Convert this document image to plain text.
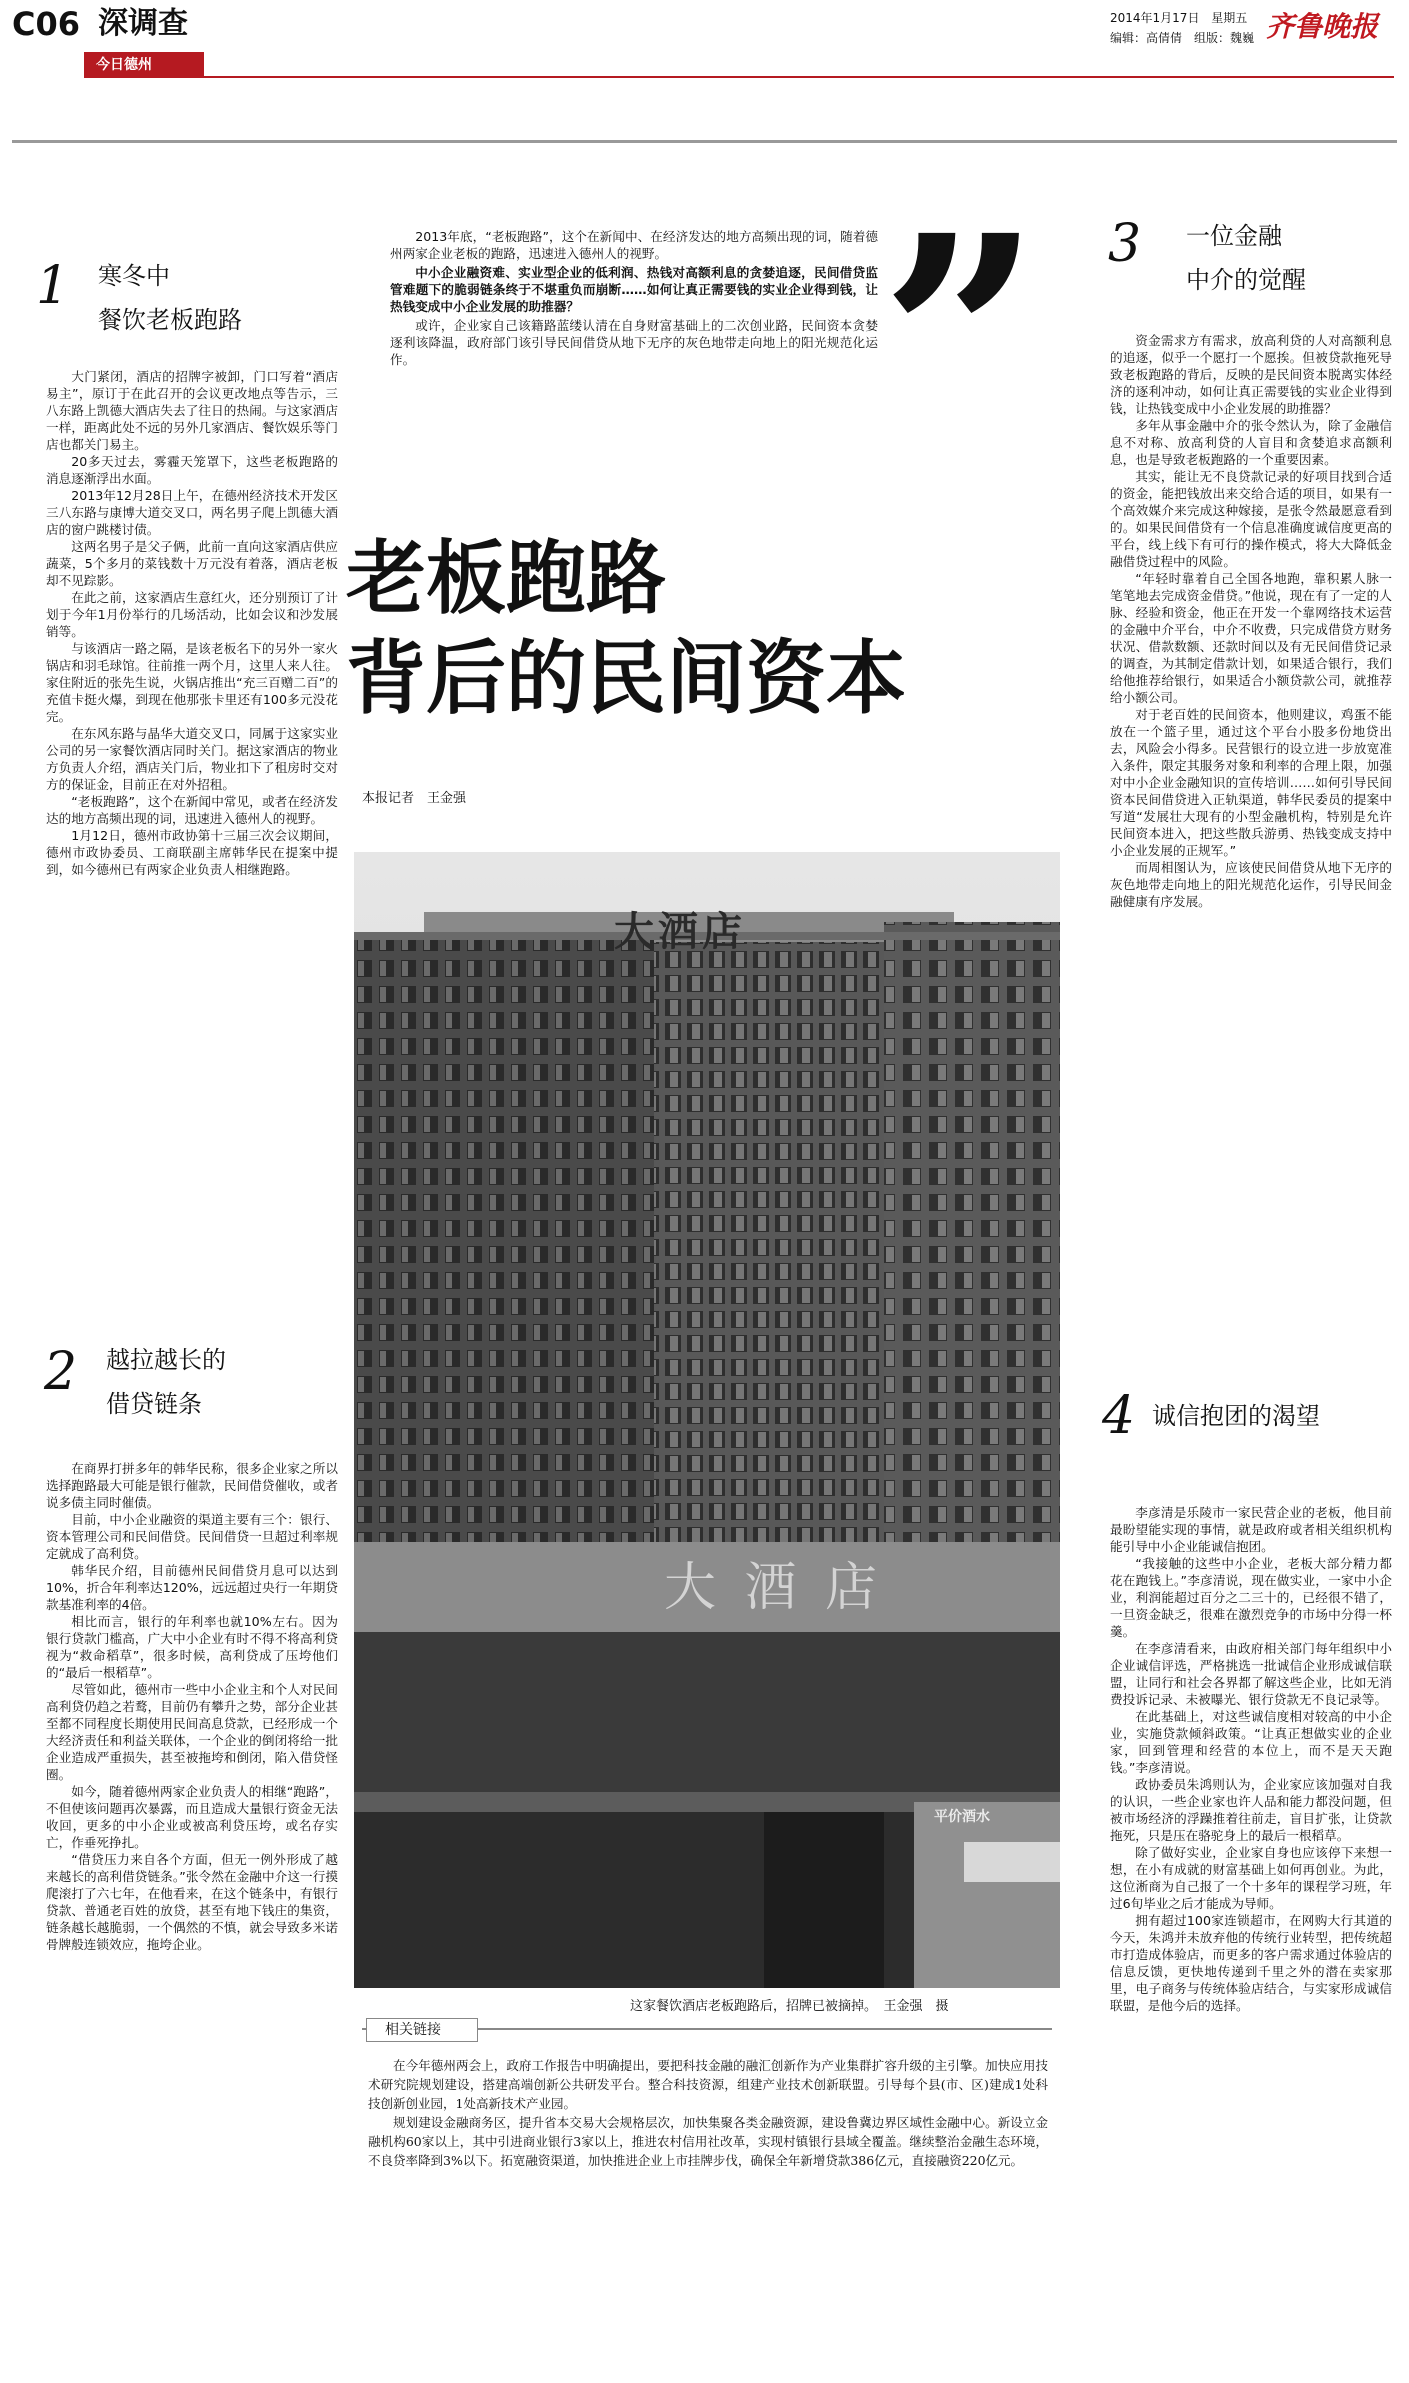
C06 深调查
今日德州
2014年1月17日 星期五
编辑：高倩倩　组版：魏巍 齐鲁晚报

2013年底，“老板跑路”，这个在新闻中、在经济发达的地方高频出现的词，随着德州两家企业老板的跑路，迅速进入德州人的视野。

中小企业融资难、实业型企业的低利润、热钱对高额利息的贪婪追逐，民间借贷监管难题下的脆弱链条终于不堪重负而崩断……如何让真正需要钱的实业企业得到钱，让热钱变成中小企业发展的助推器？

或许，企业家自己该籍路蓝缕认清在自身财富基础上的二次创业路，民间资本贪婪逐利该降温，政府部门该引导民间借贷从地下无序的灰色地带走向地上的阳光规范化运作。	”
老板跑路
背后的民间资本
本报记者　王金强
1 寒冬中
餐饮老板跑路

大门紧闭，酒店的招牌字被卸，门口写着“酒店易主”，原订于在此召开的会议更改地点等告示，三八东路上凯德大酒店失去了往日的热闹。与这家酒店一样，距离此处不远的另外几家酒店、餐饮娱乐等门店也都关门易主。

20多天过去，雾霾天笼罩下，这些老板跑路的消息逐渐浮出水面。

2013年12月28日上午，在德州经济技术开发区三八东路与康博大道交叉口，两名男子爬上凯德大酒店的窗户跳楼讨债。

这两名男子是父子俩，此前一直向这家酒店供应蔬菜，5个多月的菜钱数十万元没有着落，酒店老板却不见踪影。

在此之前，这家酒店生意红火，还分别预订了计划于今年1月份举行的几场活动，比如会议和沙发展销等。

与该酒店一路之隔，是该老板名下的另外一家火锅店和羽毛球馆。往前推一两个月，这里人来人往。家住附近的张先生说，火锅店推出“充三百赠二百”的充值卡挺火爆，到现在他那张卡里还有100多元没花完。

在东风东路与晶华大道交叉口，同属于这家实业公司的另一家餐饮酒店同时关门。据这家酒店的物业方负责人介绍，酒店关门后，物业扣下了租房时交对方的保证金，目前正在对外招租。

“老板跑路”，这个在新闻中常见，或者在经济发达的地方高频出现的词，迅速进入德州人的视野。

1月12日，德州市政协第十三届三次会议期间，德州市政协委员、工商联副主席韩华民在提案中提到，如今德州已有两家企业负责人相继跑路。

2 越拉越长的
借贷链条

在商界打拼多年的韩华民称，很多企业家之所以选择跑路最大可能是银行催款，民间借贷催收，或者说多债主同时催债。

目前，中小企业融资的渠道主要有三个：银行、资本管理公司和民间借贷。民间借贷一旦超过利率规定就成了高利贷。

韩华民介绍，目前德州民间借贷月息可以达到10%，折合年利率达120%，远远超过央行一年期贷款基准利率的4倍。

相比而言，银行的年利率也就10%左右。因为银行贷款门槛高，广大中小企业有时不得不将高利贷视为“救命稻草”，很多时候，高利贷成了压垮他们的“最后一根稻草”。

尽管如此，德州市一些中小企业主和个人对民间高利贷仍趋之若鹜，目前仍有攀升之势，部分企业甚至都不同程度长期使用民间高息贷款，已经形成一个大经济责任和利益关联体，一个企业的倒闭将给一批企业造成严重损失，甚至被拖垮和倒闭，陷入借贷怪圈。

如今，随着德州两家企业负责人的相继“跑路”，不但使该问题再次暴露，而且造成大量银行资金无法收回，更多的中小企业或被高利贷压垮，或名存实亡，作垂死挣扎。

“借贷压力来自各个方面，但无一例外形成了越来越长的高利借贷链条。”张令然在金融中介这一行摸爬滚打了六七年，在他看来，在这个链条中，有银行贷款、普通老百姓的放贷，甚至有地下钱庄的集资，链条越长越脆弱，一个偶然的不慎，就会导致多米诺骨牌般连锁效应，拖垮企业。

3 一位金融
中介的觉醒

资金需求方有需求，放高利贷的人对高额利息的追逐，似乎一个愿打一个愿挨。但被贷款拖死导致老板跑路的背后，反映的是民间资本脱离实体经济的逐利冲动，如何让真正需要钱的实业企业得到钱，让热钱变成中小企业发展的助推器？

多年从事金融中介的张令然认为，除了金融信息不对称、放高利贷的人盲目和贪婪追求高额利息，也是导致老板跑路的一个重要因素。

其实，能让无不良贷款记录的好项目找到合适的资金，能把钱放出来交给合适的项目，如果有一个高效媒介来完成这种嫁接，是张令然最愿意看到的。如果民间借贷有一个信息准确度诚信度更高的平台，线上线下有可行的操作模式，将大大降低金融借贷过程中的风险。

“年轻时靠着自己全国各地跑，靠积累人脉一笔笔地去完成资金借贷。”他说，现在有了一定的人脉、经验和资金，他正在开发一个靠网络技术运营的金融中介平台，中介不收费，只完成借贷方财务状况、借款数额、还款时间以及有无民间借贷记录的调查，为其制定借款计划，如果适合银行，我们给他推荐给银行，如果适合小额贷款公司，就推荐给小额公司。

对于老百姓的民间资本，他则建议，鸡蛋不能放在一个篮子里，通过这个平台小股多份地贷出去，风险会小得多。民营银行的设立进一步放宽准入条件，限定其服务对象和利率的合理上限，加强对中小企业金融知识的宣传培训……如何引导民间资本民间借贷进入正轨渠道，韩华民委员的提案中写道“发展壮大现有的小型金融机构，特别是允许民间资本进入，把这些散兵游勇、热钱变成支持中小企业发展的正规军。”

而周相图认为，应该使民间借贷从地下无序的灰色地带走向地上的阳光规范化运作，引导民间金融健康有序发展。

4 诚信抱团的渴望

李彦清是乐陵市一家民营企业的老板，他目前最盼望能实现的事情，就是政府或者相关组织机构能引导中小企业能诚信抱团。

“我接触的这些中小企业，老板大部分精力都花在跑钱上。”李彦清说，现在做实业，一家中小企业，利润能超过百分之二三十的，已经很不错了，一旦资金缺乏，很难在激烈竞争的市场中分得一杯羹。

在李彦清看来，由政府相关部门每年组织中小企业诚信评选，严格挑选一批诚信企业形成诚信联盟，让同行和社会各界都了解这些企业，比如无消费投诉记录、未被曝光、银行贷款无不良记录等。

在此基础上，对这些诚信度相对较高的中小企业，实施贷款倾斜政策。“让真正想做实业的企业家，回到管理和经营的本位上，而不是天天跑钱。”李彦清说。

政协委员朱鸿则认为，企业家应该加强对自我的认识，一些企业家也许人品和能力都没问题，但被市场经济的浮躁推着往前走，盲目扩张，让贷款拖死，只是压在骆驼身上的最后一根稻草。

除了做好实业，企业家自身也应该停下来想一想，在小有成就的财富基础上如何再创业。为此，这位淅商为自己报了一个十多年的课程学习班，年过6旬毕业之后才能成为导师。

拥有超过100家连锁超市，在网购大行其道的今天，朱鸿并未放弃他的传统行业转型，把传统超市打造成体验店，而更多的客户需求通过体验店的信息反馈，更快地传递到千里之外的潜在卖家那里，电子商务与传统体验店结合，与实家形成诚信联盟，是他今后的选择。

大酒店
大 酒 店
平价酒水
这家餐饮酒店老板跑路后，招牌已被摘掉。　王金强　摄
相关链接

在今年德州两会上，政府工作报告中明确提出，要把科技金融的融汇创新作为产业集群扩容升级的主引擎。加快应用技术研究院规划建设，搭建高端创新公共研发平台。整合科技资源，组建产业技术创新联盟。引导每个县(市、区)建成1处科技创新创业园，1处高新技术产业园。

规划建设金融商务区，提升省本交易大会规格层次，加快集聚各类金融资源，建设鲁冀边界区域性金融中心。新设立金融机构60家以上，其中引进商业银行3家以上，推进农村信用社改革，实现村镇银行县域全覆盖。继续整治金融生态环境，不良贷率降到3%以下。拓宽融资渠道，加快推进企业上市挂牌步伐，确保全年新增贷款386亿元，直接融资220亿元。
